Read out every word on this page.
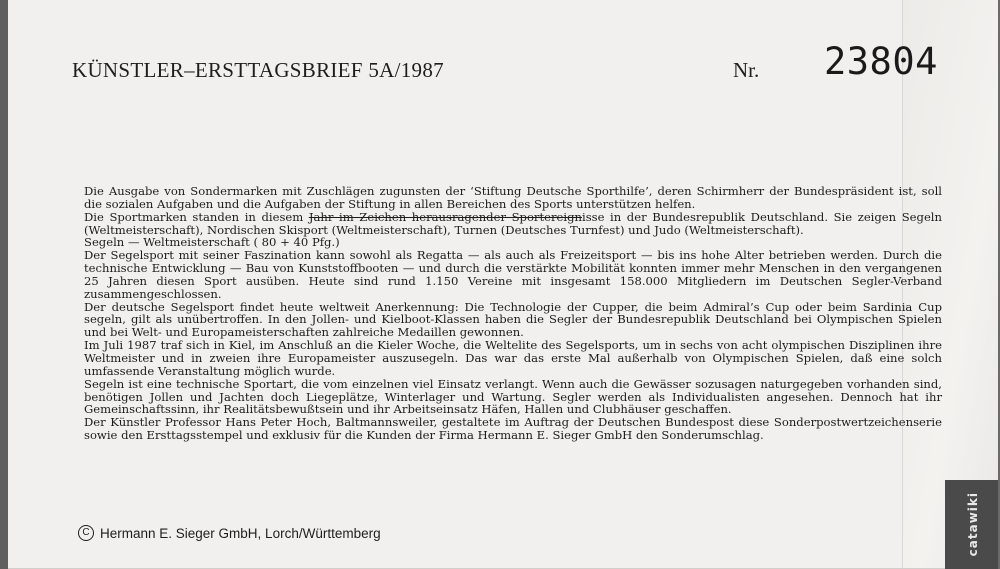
KÜNSTLER–ERSTTAGSBRIEF 5A/1987	Nr. 23804

Die Ausgabe von Sondermarken mit Zuschlägen zugunsten der ‘Stiftung Deutsche Sporthilfe’, deren Schirmherr der Bundespräsident ist, soll die sozialen Aufgaben und die Aufgaben der Stiftung in allen Bereichen des Sports unterstützen helfen.

Die Sportmarken standen in diesem Jahr im Zeichen herausragender Sportereignisse in der Bundesrepublik Deutschland. Sie zeigen Segeln (Weltmeisterschaft), Nordischen Skisport (Weltmeisterschaft), Turnen (Deutsches Turnfest) und Judo (Weltmeisterschaft).

Segeln — Weltmeisterschaft ( 80 + 40 Pfg.)

Der Segelsport mit seiner Faszination kann sowohl als Regatta — als auch als Freizeitsport — bis ins hohe Alter betrieben werden. Durch die technische Entwicklung — Bau von Kunststoffbooten — und durch die verstärkte Mobilität konnten immer mehr Menschen in den vergangenen 25 Jahren diesen Sport ausüben. Heute sind rund 1.150 Vereine mit insgesamt 158.000 Mitgliedern im Deutschen Segler-Verband zusammengeschlossen.

Der deutsche Segelsport findet heute weltweit Anerkennung: Die Technologie der Cupper, die beim Admiral’s Cup oder beim Sardinia Cup segeln, gilt als unübertroffen. In den Jollen- und Kielboot-Klassen haben die Segler der Bundesrepublik Deutschland bei Olympischen Spielen und bei Welt- und Europameisterschaften zahlreiche Medaillen gewonnen.

Im Juli 1987 traf sich in Kiel, im Anschluß an die Kieler Woche, die Weltelite des Segelsports, um in sechs von acht olympischen Disziplinen ihre Weltmeister und in zweien ihre Europameister auszusegeln. Das war das erste Mal außerhalb von Olympischen Spielen, daß eine solch umfassende Veranstaltung möglich wurde.

Segeln ist eine technische Sportart, die vom einzelnen viel Einsatz verlangt. Wenn auch die Gewässer sozusagen naturgegeben vorhanden sind, benötigen Jollen und Jachten doch Liegeplätze, Winterlager und Wartung. Segler werden als Individualisten angesehen. Dennoch hat ihr Gemeinschaftssinn, ihr Realitätsbewußtsein und ihr Arbeitseinsatz Häfen, Hallen und Clubhäuser geschaffen.

Der Künstler Professor Hans Peter Hoch, Baltmannsweiler, gestaltete im Auftrag der Deutschen Bundespost diese Sonderpostwertzeichenserie sowie den Ersttagsstempel und exklusiv für die Kunden der Firma Hermann E. Sieger GmbH den Sonderumschlag.

C Hermann E. Sieger GmbH, Lorch/Württemberg	catawiki
